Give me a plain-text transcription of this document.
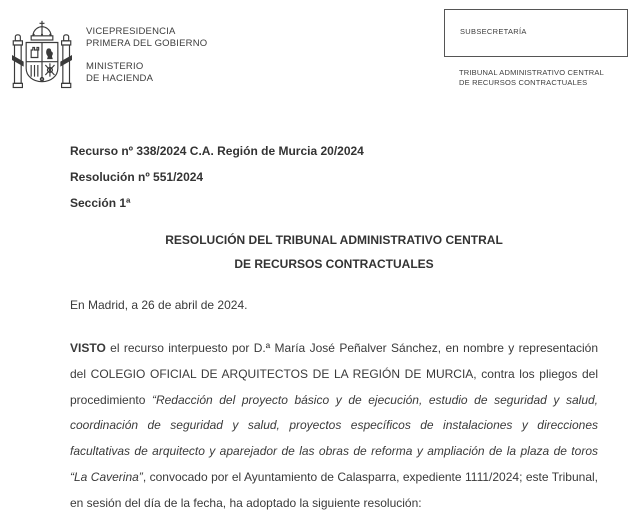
VICEPRESIDENCIA
PRIMERA DEL GOBIERNO
MINISTERIO
DE HACIENDA
SUBSECRETARÍA
TRIBUNAL ADMINISTRATIVO CENTRAL
DE RECURSOS CONTRACTUALES
Recurso nº 338/2024 C.A. Región de Murcia 20/2024
Resolución nº 551/2024
Sección 1ª
RESOLUCIÓN DEL TRIBUNAL ADMINISTRATIVO CENTRAL
DE RECURSOS CONTRACTUALES
En Madrid, a 26 de abril de 2024.

VISTO el recurso interpuesto por D.ª María José Peñalver Sánchez, en nombre y representación del COLEGIO OFICIAL DE ARQUITECTOS DE LA REGIÓN DE MURCIA, contra los pliegos del procedimiento “Redacción del proyecto básico y de ejecución, estudio de seguridad y salud, coordinación de seguridad y salud, proyectos específicos de instalaciones y direcciones facultativas de arquitecto y aparejador de las obras de reforma y ampliación de la plaza de toros “La Caverina”, convocado por el Ayuntamiento de Calasparra, expediente 1111/2024; este Tribunal, en sesión del día de la fecha, ha adoptado la siguiente resolución:
